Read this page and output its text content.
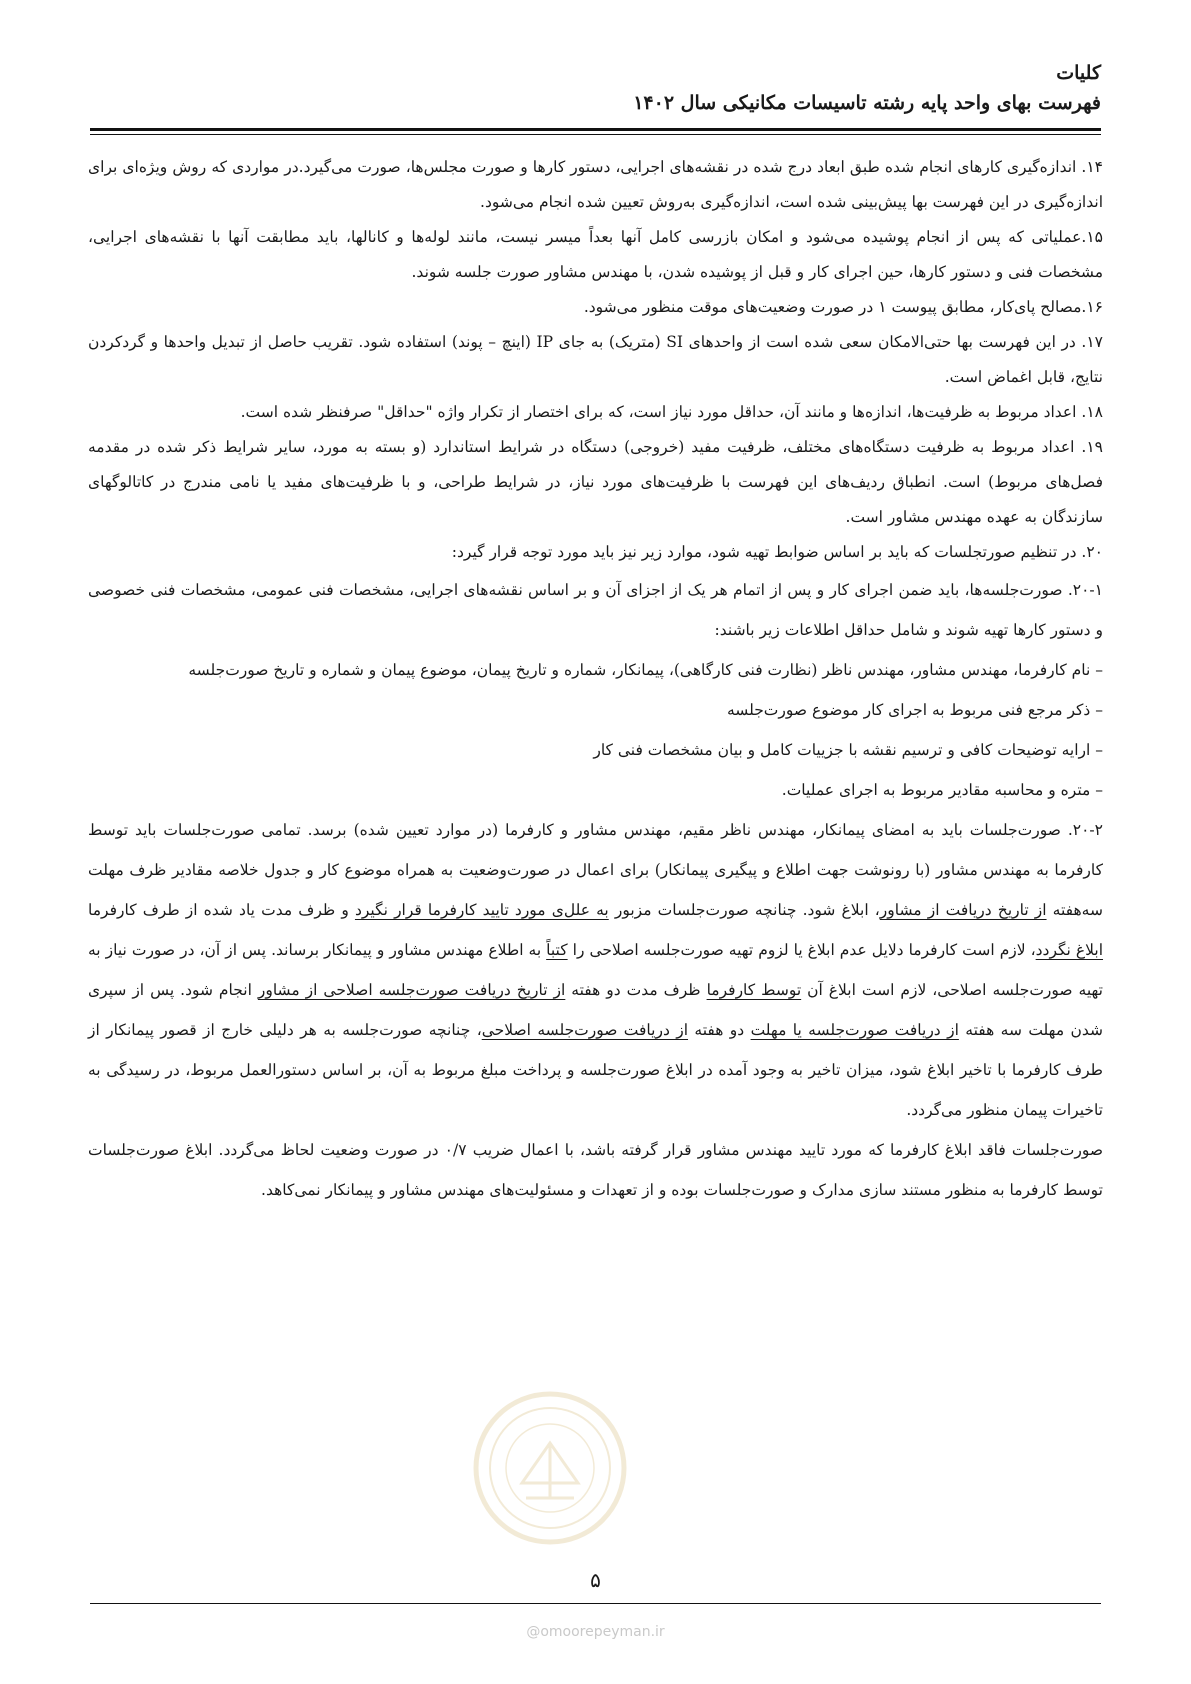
کلیات
فهرست بهای واحد پایه رشته تاسیسات مکانیکی سال ۱۴۰۲

۱۴. اندازه‌گیری کارهای انجام شده طبق ابعاد درج شده در نقشه‌های اجرایی، دستور کارها و صورت مجلس‌ها، صورت می‌گیرد.در مواردی که روش ویژه‌ای برای اندازه‌گیری در این فهرست بها پیش‌بینی شده است، اندازه‌گیری به‌روش تعیین شده انجام می‌شود.

۱۵.عملیاتی که پس از انجام پوشیده می‌شود و امکان بازرسی کامل آنها بعداً میسر نیست، مانند لوله‌ها و کانالها، باید مطابقت آنها با نقشه‌های اجرایی، مشخصات فنی و دستور کارها، حین اجرای کار و قبل از پوشیده شدن، با مهندس مشاور صورت جلسه شوند.

۱۶.مصالح پای‌کار، مطابق پیوست ۱ در صورت وضعیت‌های موقت منظور می‌شود.

۱۷. در این فهرست بها حتی‌الامکان سعی شده است از واحدهای SI (متریک) به جای IP (اینچ – پوند) استفاده شود. تقریب حاصل از تبدیل واحدها و گردکردن نتایج، قابل اغماض است.

۱۸. اعداد مربوط به ظرفیت‌ها، اندازه‌ها و مانند آن، حداقل مورد نیاز است، که برای اختصار از تکرار واژه "حداقل" صرفنظر شده است.

۱۹. اعداد مربوط به ظرفیت دستگاه‌های مختلف، ظرفیت مفید (خروجی) دستگاه در شرایط استاندارد (و بسته به مورد، سایر شرایط ذکر شده در مقدمه فصل‌های مربوط) است. انطباق ردیف‌های این فهرست با ظرفیت‌های مورد نیاز، در شرایط طراحی، و با ظرفیت‌های مفید یا نامی مندرج در کاتالوگهای سازندگان به عهده مهندس مشاور است.

۲۰. در تنظیم صورتجلسات که باید بر اساس ضوابط تهیه شود، موارد زیر نیز باید مورد توجه قرار گیرد:

۲۰-۱. صورت‌جلسه‌ها، باید ضمن اجرای کار و پس از اتمام هر یک از اجزای آن و بر اساس نقشه‌های اجرایی، مشخصات فنی عمومی، مشخصات فنی خصوصی و دستور کارها تهیه شوند و شامل حداقل اطلاعات زیر باشند:

– نام کارفرما، مهندس مشاور، مهندس ناظر (نظارت فنی کارگاهی)، پیمانکار، شماره و تاریخ پیمان، موضوع پیمان و شماره و تاریخ صورت‌جلسه

– ذکر مرجع فنی مربوط به اجرای کار موضوع صورت‌جلسه

– ارایه توضیحات کافی و ترسیم نقشه با جزییات کامل و بیان مشخصات فنی کار

– متره و محاسبه مقادیر مربوط به اجرای عملیات.

۲۰-۲. صورت‌جلسات باید به امضای پیمانکار، مهندس ناظر مقیم، مهندس مشاور و کارفرما (در موارد تعیین شده) برسد. تمامی صورت‌جلسات باید توسط کارفرما به مهندس مشاور (با رونوشت جهت اطلاع و پیگیری پیمانکار) برای اعمال در صورت‌وضعیت به همراه موضوع کار و جدول خلاصه مقادیر ظرف مهلت سه‌هفته از تاریخ دریافت از مشاور، ابلاغ شود. چنانچه صورت‌جلسات مزبور به علل‌ی مورد تایید کارفرما قرار نگیرد و ظرف مدت یاد شده از طرف کارفرما ابلاغ نگردد، لازم است کارفرما دلایل عدم ابلاغ یا لزوم تهیه صورت‌جلسه اصلاحی را کتباً به اطلاع مهندس مشاور و پیمانکار برساند. پس از آن، در صورت نیاز به تهیه صورت‌جلسه اصلاحی، لازم است ابلاغ آن توسط کارفرما ظرف مدت دو هفته از تاریخ دریافت صورت‌جلسه اصلاحی از مشاور انجام شود. پس از سپری شدن مهلت سه هفته از دریافت صورت‌جلسه یا مهلت دو هفته از دریافت صورت‌جلسه اصلاحی، چنانچه صورت‌جلسه به هر دلیلی خارج از قصور پیمانکار از طرف کارفرما با تاخیر ابلاغ شود، میزان تاخیر به وجود آمده در ابلاغ صورت‌جلسه و پرداخت مبلغ مربوط به آن، بر اساس دستورالعمل مربوط، در رسیدگی به تاخیرات پیمان منظور می‌گردد.

صورت‌جلسات فاقد ابلاغ کارفرما که مورد تایید مهندس مشاور قرار گرفته باشد، با اعمال ضریب ۰/۷ در صورت وضعیت لحاظ می‌گردد. ابلاغ صورت‌جلسات توسط کارفرما به منظور مستند سازی مدارک و صورت‌جلسات بوده و از تعهدات و مسئولیت‌های مهندس مشاور و پیمانکار نمی‌کاهد.

۵
@omoorepeyman.ir
